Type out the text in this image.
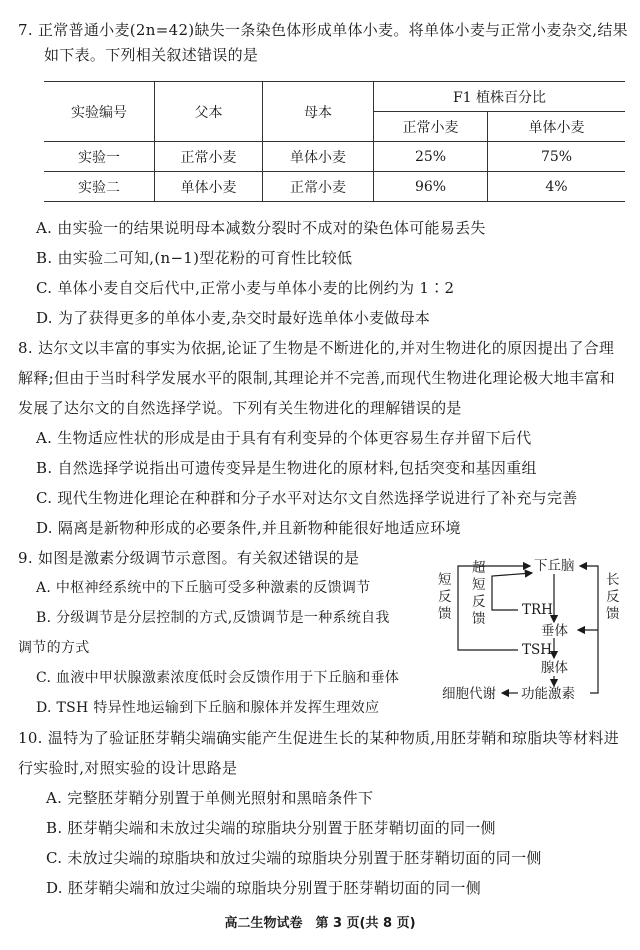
7. 正常普通小麦(2n=42)缺失一条染色体形成单体小麦。将单体小麦与正常小麦杂交,结果
如下表。下列相关叙述错误的是
实验编号	父本	母本	F1 植株百分比	
			正常小麦	单体小麦
实验一	正常小麦	单体小麦	25%	75%
实验二	单体小麦	正常小麦	96%	4%
A. 由实验一的结果说明母本减数分裂时不成对的染色体可能易丢失
B. 由实验二可知,(n−1)型花粉的可育性比较低
C. 单体小麦自交后代中,正常小麦与单体小麦的比例约为 1∶2
D. 为了获得更多的单体小麦,杂交时最好选单体小麦做母本
8. 达尔文以丰富的事实为依据,论证了生物是不断进化的,并对生物进化的原因提出了合理
解释;但由于当时科学发展水平的限制,其理论并不完善,而现代生物进化理论极大地丰富和
发展了达尔文的自然选择学说。下列有关生物进化的理解错误的是
A. 生物适应性状的形成是由于具有有利变异的个体更容易生存并留下后代
B. 自然选择学说指出可遗传变异是生物进化的原材料,包括突变和基因重组
C. 现代生物进化理论在种群和分子水平对达尔文自然选择学说进行了补充与完善
D. 隔离是新物种形成的必要条件,并且新物种能很好地适应环境
9. 如图是激素分级调节示意图。有关叙述错误的是
A. 中枢神经系统中的下丘脑可受多种激素的反馈调节
B. 分级调节是分层控制的方式,反馈调节是一种系统自我
调节的方式
C. 血液中甲状腺激素浓度低时会反馈作用于下丘脑和垂体
D. TSH 特异性地运输到下丘脑和腺体并发挥生理效应
下丘脑
TRH
垂体
TSH
腺体
功能激素
细胞代谢
短
反
馈
超
短
反
馈
长
反
馈
10. 温特为了验证胚芽鞘尖端确实能产生促进生长的某种物质,用胚芽鞘和琼脂块等材料进
行实验时,对照实验的设计思路是
A. 完整胚芽鞘分别置于单侧光照射和黑暗条件下
B. 胚芽鞘尖端和未放过尖端的琼脂块分别置于胚芽鞘切面的同一侧
C. 未放过尖端的琼脂块和放过尖端的琼脂块分别置于胚芽鞘切面的同一侧
D. 胚芽鞘尖端和放过尖端的琼脂块分别置于胚芽鞘切面的同一侧
高二生物试卷　第 3 页(共 8 页)
